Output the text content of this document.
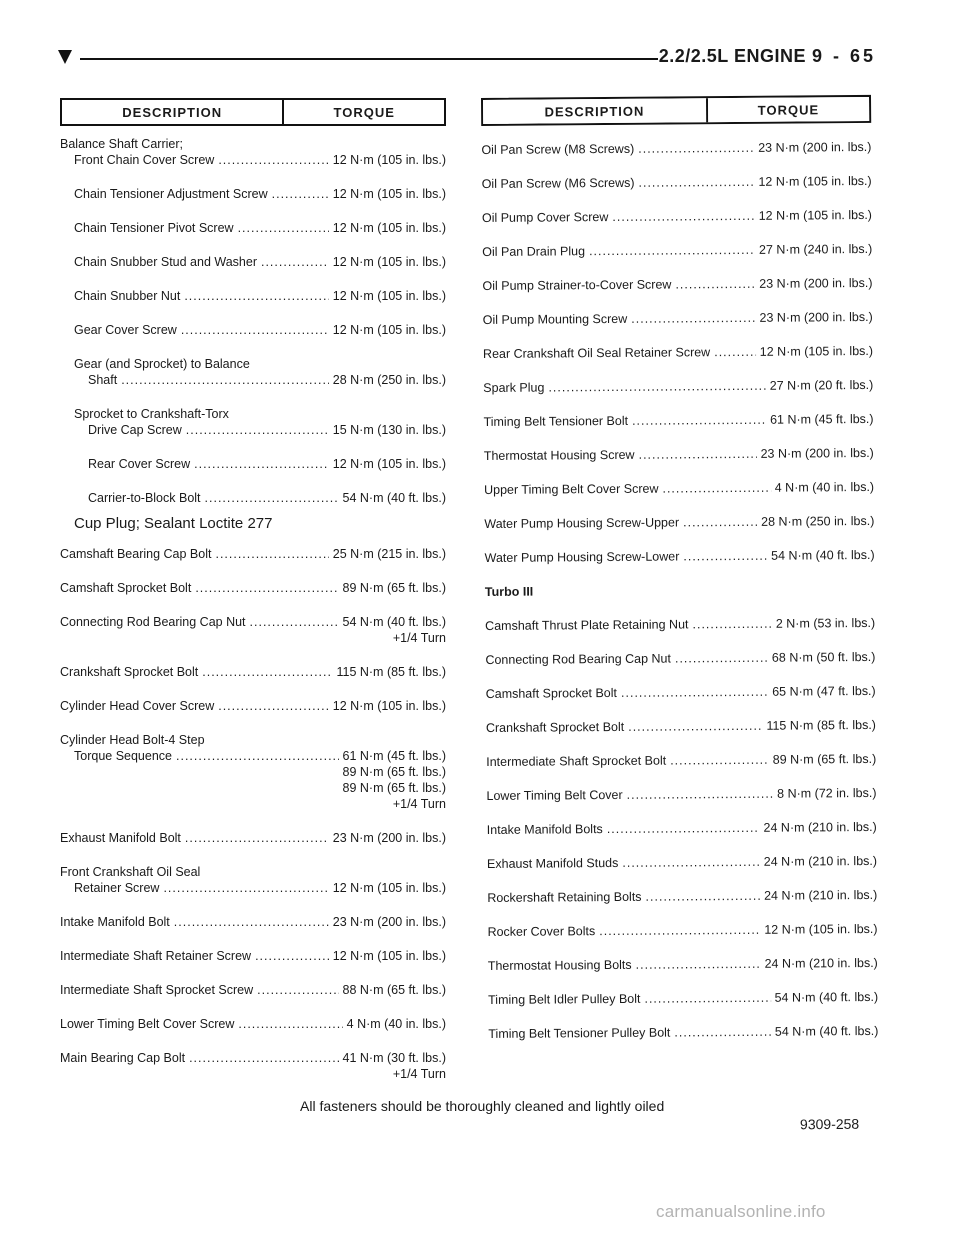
2.2/2.5L ENGINE 9 - 65
DESCRIPTION	TORQUE
Balance Shaft Carrier;
Front Chain Cover Screw .....	12 N·m (105 in. lbs.)
Chain Tensioner Adjustment Screw .....	12 N·m (105 in. lbs.)
Chain Tensioner Pivot Screw .....	12 N·m (105 in. lbs.)
Chain Snubber Stud and Washer .....	12 N·m (105 in. lbs.)
Chain Snubber Nut .....	12 N·m (105 in. lbs.)
Gear Cover Screw .....	12 N·m (105 in. lbs.)
Gear (and Sprocket) to Balance
Shaft .....	28 N·m (250 in. lbs.)
Sprocket to Crankshaft-Torx
Drive Cap Screw .....	15 N·m (130 in. lbs.)
Rear Cover Screw .....	12 N·m (105 in. lbs.)
Carrier-to-Block Bolt .....	54 N·m (40 ft. lbs.)
Cup Plug; Sealant Loctite 277
Camshaft Bearing Cap Bolt .....	25 N·m (215 in. lbs.)
Camshaft Sprocket Bolt .....	89 N·m (65 ft. lbs.)
Connecting Rod Bearing Cap Nut .....	54 N·m (40 ft. lbs.)
+1/4 Turn
Crankshaft Sprocket Bolt .....	115 N·m (85 ft. lbs.)
Cylinder Head Cover Screw .....	12 N·m (105 in. lbs.)
Cylinder Head Bolt-4 Step
Torque Sequence .....	61 N·m (45 ft. lbs.)
89 N·m (65 ft. lbs.)
89 N·m (65 ft. lbs.)
+1/4 Turn
Exhaust Manifold Bolt .....	23 N·m (200 in. lbs.)
Front Crankshaft Oil Seal
Retainer Screw .....	12 N·m (105 in. lbs.)
Intake Manifold Bolt .....	23 N·m (200 in. lbs.)
Intermediate Shaft Retainer Screw .....	12 N·m (105 in. lbs.)
Intermediate Shaft Sprocket Screw .....	88 N·m (65 ft. lbs.)
Lower Timing Belt Cover Screw .....	4 N·m (40 in. lbs.)
Main Bearing Cap Bolt .....	41 N·m (30 ft. lbs.)
+1/4 Turn
DESCRIPTION	TORQUE
Oil Pan Screw (M8 Screws) .....	23 N·m (200 in. lbs.)
Oil Pan Screw (M6 Screws) .....	12 N·m (105 in. lbs.)
Oil Pump Cover Screw .....	12 N·m (105 in. lbs.)
Oil Pan Drain Plug .....	27 N·m (240 in. lbs.)
Oil Pump Strainer-to-Cover Screw .....	23 N·m (200 in. lbs.)
Oil Pump Mounting Screw .....	23 N·m (200 in. lbs.)
Rear Crankshaft Oil Seal Retainer Screw .....	12 N·m (105 in. lbs.)
Spark Plug .....	27 N·m (20 ft. lbs.)
Timing Belt Tensioner Bolt .....	61 N·m (45 ft. lbs.)
Thermostat Housing Screw .....	23 N·m (200 in. lbs.)
Upper Timing Belt Cover Screw .....	4 N·m (40 in. lbs.)
Water Pump Housing Screw-Upper .....	28 N·m (250 in. lbs.)
Water Pump Housing Screw-Lower .....	54 N·m (40 ft. lbs.)
Turbo III
Camshaft Thrust Plate Retaining Nut .....	2 N·m (53 in. lbs.)
Connecting Rod Bearing Cap Nut .....	68 N·m (50 ft. lbs.)
Camshaft Sprocket Bolt .....	65 N·m (47 ft. lbs.)
Crankshaft Sprocket Bolt .....	115 N·m (85 ft. lbs.)
Intermediate Shaft Sprocket Bolt .....	89 N·m (65 ft. lbs.)
Lower Timing Belt Cover .....	8 N·m (72 in. lbs.)
Intake Manifold Bolts .....	24 N·m (210 in. lbs.)
Exhaust Manifold Studs .....	24 N·m (210 in. lbs.)
Rockershaft Retaining Bolts .....	24 N·m (210 in. lbs.)
Rocker Cover Bolts .....	12 N·m (105 in. lbs.)
Thermostat Housing Bolts .....	24 N·m (210 in. lbs.)
Timing Belt Idler Pulley Bolt .....	54 N·m (40 ft. lbs.)
Timing Belt Tensioner Pulley Bolt .....	54 N·m (40 ft. lbs.)
All fasteners should be thoroughly cleaned and lightly oiled
9309-258
carmanualsonline.info
